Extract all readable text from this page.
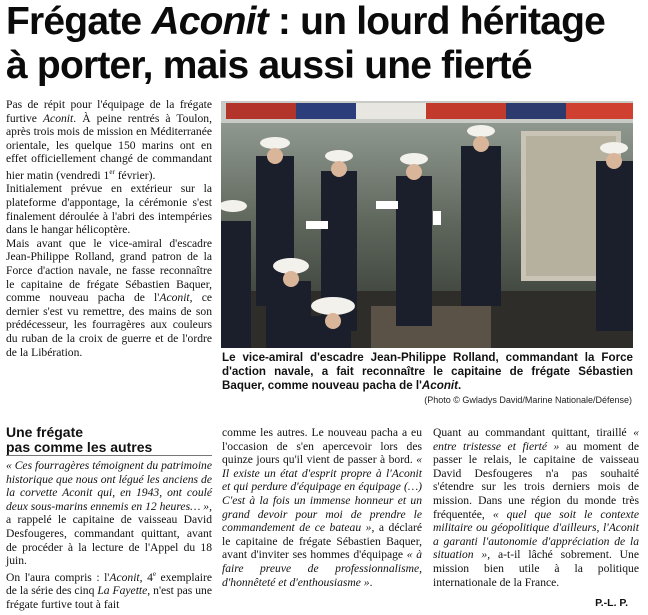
Frégate Aconit : un lourd héritage
à porter, mais aussi une fierté

Pas de répit pour l'équipage de la frégate furtive Aconit. À peine rentrés à Toulon, après trois mois de mission en Méditerranée orientale, les quelque 150 marins ont en effet officiellement changé de commandant hier matin (vendredi 1er février).

Initialement prévue en extérieur sur la plateforme d'appontage, la cérémonie s'est finalement déroulée à l'abri des intempéries dans le hangar hélicoptère.

Mais avant que le vice-amiral d'escadre Jean-Philippe Rolland, grand patron de la Force d'action navale, ne fasse reconnaître le capitaine de frégate Sébastien Baquer, comme nouveau pacha de l'Aconit, ce dernier s'est vu remettre, des mains de son prédécesseur, les fourragères aux couleurs du ruban de la croix de guerre et de l'ordre de la Libération.

Une frégate
pas comme les autres

« Ces fourragères témoignent du patrimoine historique que nous ont légué les anciens de la corvette Aconit qui, en 1943, ont coulé deux sous-marins ennemis en 12 heures… », a rappelé le capitaine de vaisseau David Desfougeres, commandant quittant, avant de procéder à la lecture de l'Appel du 18 juin.

On l'aura compris : l'Aconit, 4e exemplaire de la série des cinq La Fayette, n'est pas une frégate furtive tout à fait

Le vice-amiral d'escadre Jean-Philippe Rolland, commandant la Force d'action navale, a fait reconnaître le capitaine de frégate Sébastien Baquer, comme nouveau pacha de l'Aconit.
(Photo © Gwladys David/Marine Nationale/Défense)

comme les autres. Le nouveau pacha a eu l'occasion de s'en apercevoir lors des quinze jours qu'il vient de passer à bord. « Il existe un état d'esprit propre à l'Aconit et qui perdure d'équipage en équipage (…) C'est à la fois un immense honneur et un grand devoir pour moi de prendre le commandement de ce bateau », a déclaré le capitaine de frégate Sébastien Baquer, avant d'inviter ses hommes d'équipage « à faire preuve de professionnalisme, d'honnêteté et d'enthousiasme ».

Quant au commandant quittant, tiraillé « entre tristesse et fierté » au moment de passer le relais, le capitaine de vaisseau David Desfougeres n'a pas souhaité s'étendre sur les trois derniers mois de mission. Dans une région du monde très fréquentée, « quel que soit le contexte militaire ou géopolitique d'ailleurs, l'Aconit a garanti l'autonomie d'appréciation de la situation », a-t-il lâché sobrement. Une mission bien utile à la politique internationale de la France.

P.-L. P.
